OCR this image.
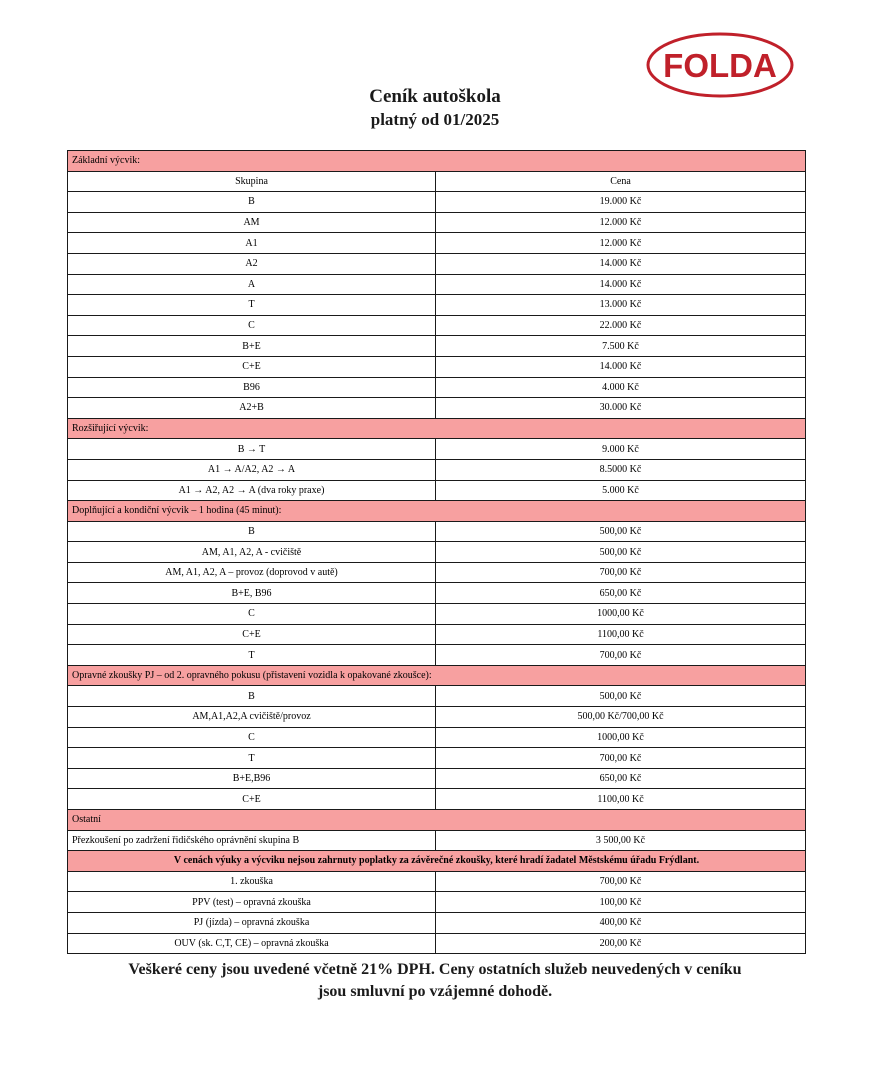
FOLDA
Ceník autoškola
platný od 01/2025
Základní výcvik:	
Skupina	Cena
B	19.000 Kč
AM	12.000 Kč
A1	12.000 Kč
A2	14.000 Kč
A	14.000 Kč
T	13.000 Kč
C	22.000 Kč
B+E	7.500 Kč
C+E	14.000 Kč
B96	4.000 Kč
A2+B	30.000 Kč
Rozšiřující výcvik:	
B → T	9.000 Kč
A1 → A/A2, A2 → A	8.5000 Kč
A1 → A2, A2 → A (dva roky praxe)	5.000 Kč
Doplňující a kondiční výcvik – 1 hodina (45 minut):	
B	500,00 Kč
AM, A1, A2, A - cvičiště	500,00 Kč
AM, A1, A2, A – provoz (doprovod v autě)	700,00 Kč
B+E, B96	650,00 Kč
C	1000,00 Kč
C+E	1100,00 Kč
T	700,00 Kč
Opravné zkoušky PJ – od 2. opravného pokusu (přistavení vozidla k opakované zkoušce):	
B	500,00 Kč
AM,A1,A2,A cvičiště/provoz	500,00 Kč/700,00 Kč
C	1000,00 Kč
T	700,00 Kč
B+E,B96	650,00 Kč
C+E	1100,00 Kč
Ostatní	
Přezkoušení po zadržení řidičského oprávnění skupina B	3 500,00 Kč
V cenách výuky a výcviku nejsou zahrnuty poplatky za závěrečné zkoušky, které hradí žadatel Městskému úřadu Frýdlant.	
1. zkouška	700,00 Kč
PPV (test) – opravná zkouška	100,00 Kč
PJ (jízda) – opravná zkouška	400,00 Kč
OUV (sk. C,T, CE) – opravná zkouška	200,00 Kč
Veškeré ceny jsou uvedené včetně 21% DPH. Ceny ostatních služeb neuvedených v ceníku
jsou smluvní po vzájemné dohodě.
